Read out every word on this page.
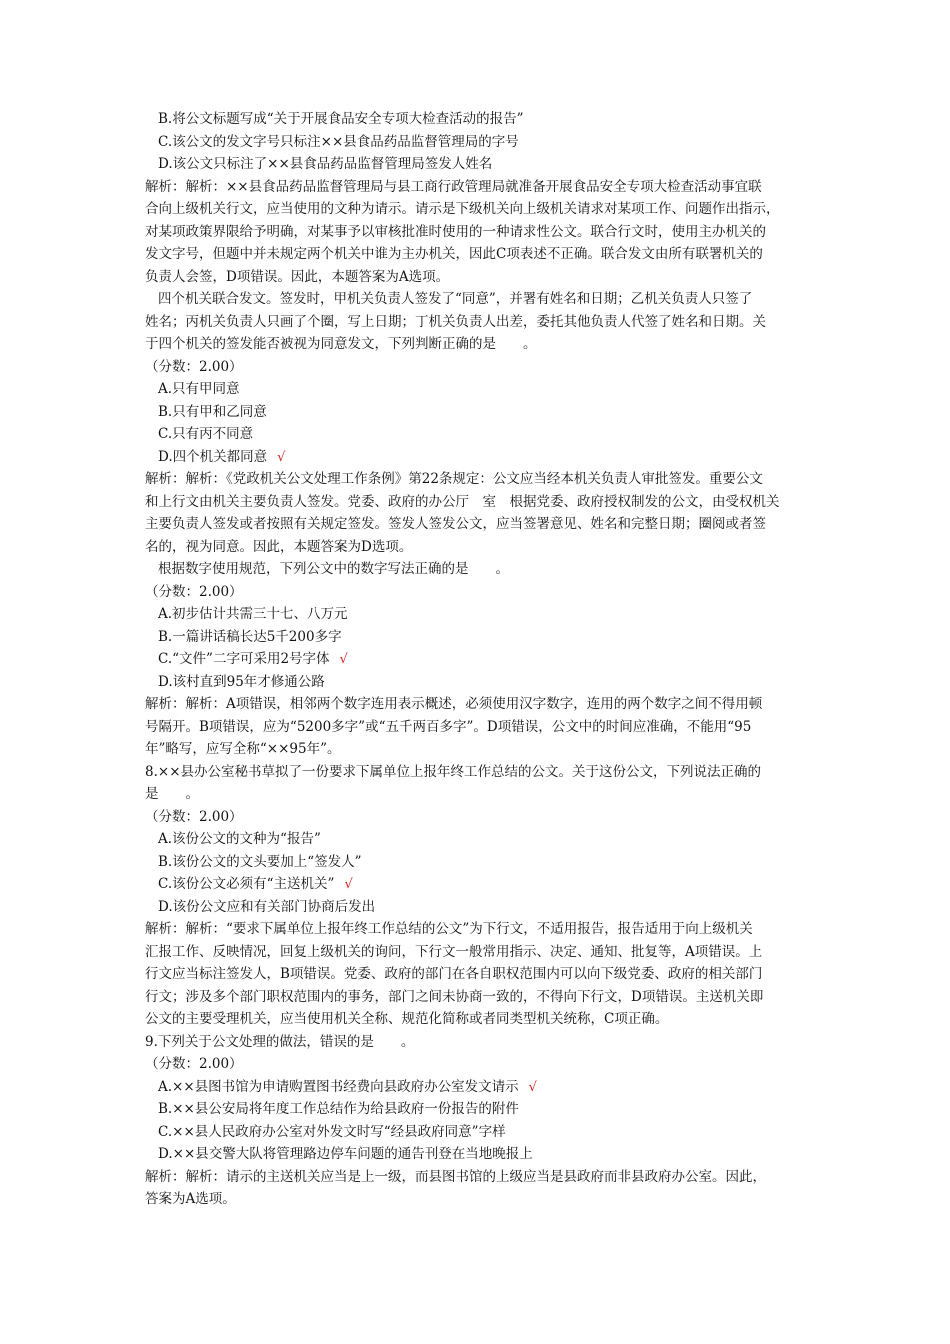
B.将公文标题写成“关于开展食品安全专项大检查活动的报告”
C.该公文的发文字号只标注××县食品药品监督管理局的字号
D.该公文只标注了××县食品药品监督管理局签发人姓名
解析：解析：××县食品药品监督管理局与县工商行政管理局就准备开展食品安全专项大检查活动事宜联
合向上级机关行文，应当使用的文种为请示。请示是下级机关向上级机关请求对某项工作、问题作出指示，
对某项政策界限给予明确，对某事予以审核批准时使用的一种请求性公文。联合行文时，使用主办机关的
发文字号，但题中并未规定两个机关中谁为主办机关，因此C项表述不正确。联合发文由所有联署机关的
负责人会签，D项错误。因此，本题答案为A选项。
四个机关联合发文。签发时，甲机关负责人签发了“同意”，并署有姓名和日期；乙机关负责人只签了
姓名；丙机关负责人只画了个圈，写上日期；丁机关负责人出差，委托其他负责人代签了姓名和日期。关
于四个机关的签发能否被视为同意发文，下列判断正确的是　　。
（分数：2.00）
A.只有甲同意
B.只有甲和乙同意
C.只有丙不同意
D.四个机关都同意 √
解析：解析：《党政机关公文处理工作条例》第22条规定：公文应当经本机关负责人审批签发。重要公文
和上行文由机关主要负责人签发。党委、政府的办公厅　室　根据党委、政府授权制发的公文，由受权机关
主要负责人签发或者按照有关规定签发。签发人签发公文，应当签署意见、姓名和完整日期；圈阅或者签
名的，视为同意。因此，本题答案为D选项。
根据数字使用规范，下列公文中的数字写法正确的是　　。
（分数：2.00）
A.初步估计共需三十七、八万元
B.一篇讲话稿长达5千200多字
C.“文件”二字可采用2号字体 √
D.该村直到95年才修通公路
解析：解析：A项错误，相邻两个数字连用表示概述，必须使用汉字数字，连用的两个数字之间不得用顿
号隔开。B项错误，应为“5200多字”或“五千两百多字”。D项错误，公文中的时间应准确，不能用“95
年”略写，应写全称“××95年”。
8.××县办公室秘书草拟了一份要求下属单位上报年终工作总结的公文。关于这份公文，下列说法正确的
是　　。
（分数：2.00）
A.该份公文的文种为“报告”
B.该份公文的文头要加上“签发人”
C.该份公文必须有“主送机关” √
D.该份公文应和有关部门协商后发出
解析：解析：“要求下属单位上报年终工作总结的公文”为下行文，不适用报告，报告适用于向上级机关
汇报工作、反映情况，回复上级机关的询问，下行文一般常用指示、决定、通知、批复等，A项错误。上
行文应当标注签发人，B项错误。党委、政府的部门在各自职权范围内可以向下级党委、政府的相关部门
行文；涉及多个部门职权范围内的事务，部门之间未协商一致的，不得向下行文，D项错误。主送机关即
公文的主要受理机关，应当使用机关全称、规范化简称或者同类型机关统称，C项正确。
9.下列关于公文处理的做法，错误的是　　。
（分数：2.00）
A.××县图书馆为申请购置图书经费向县政府办公室发文请示 √
B.××县公安局将年度工作总结作为给县政府一份报告的附件
C.××县人民政府办公室对外发文时写“经县政府同意”字样
D.××县交警大队将管理路边停车问题的通告刊登在当地晚报上
解析：解析：请示的主送机关应当是上一级，而县图书馆的上级应当是县政府而非县政府办公室。因此，
答案为A选项。
